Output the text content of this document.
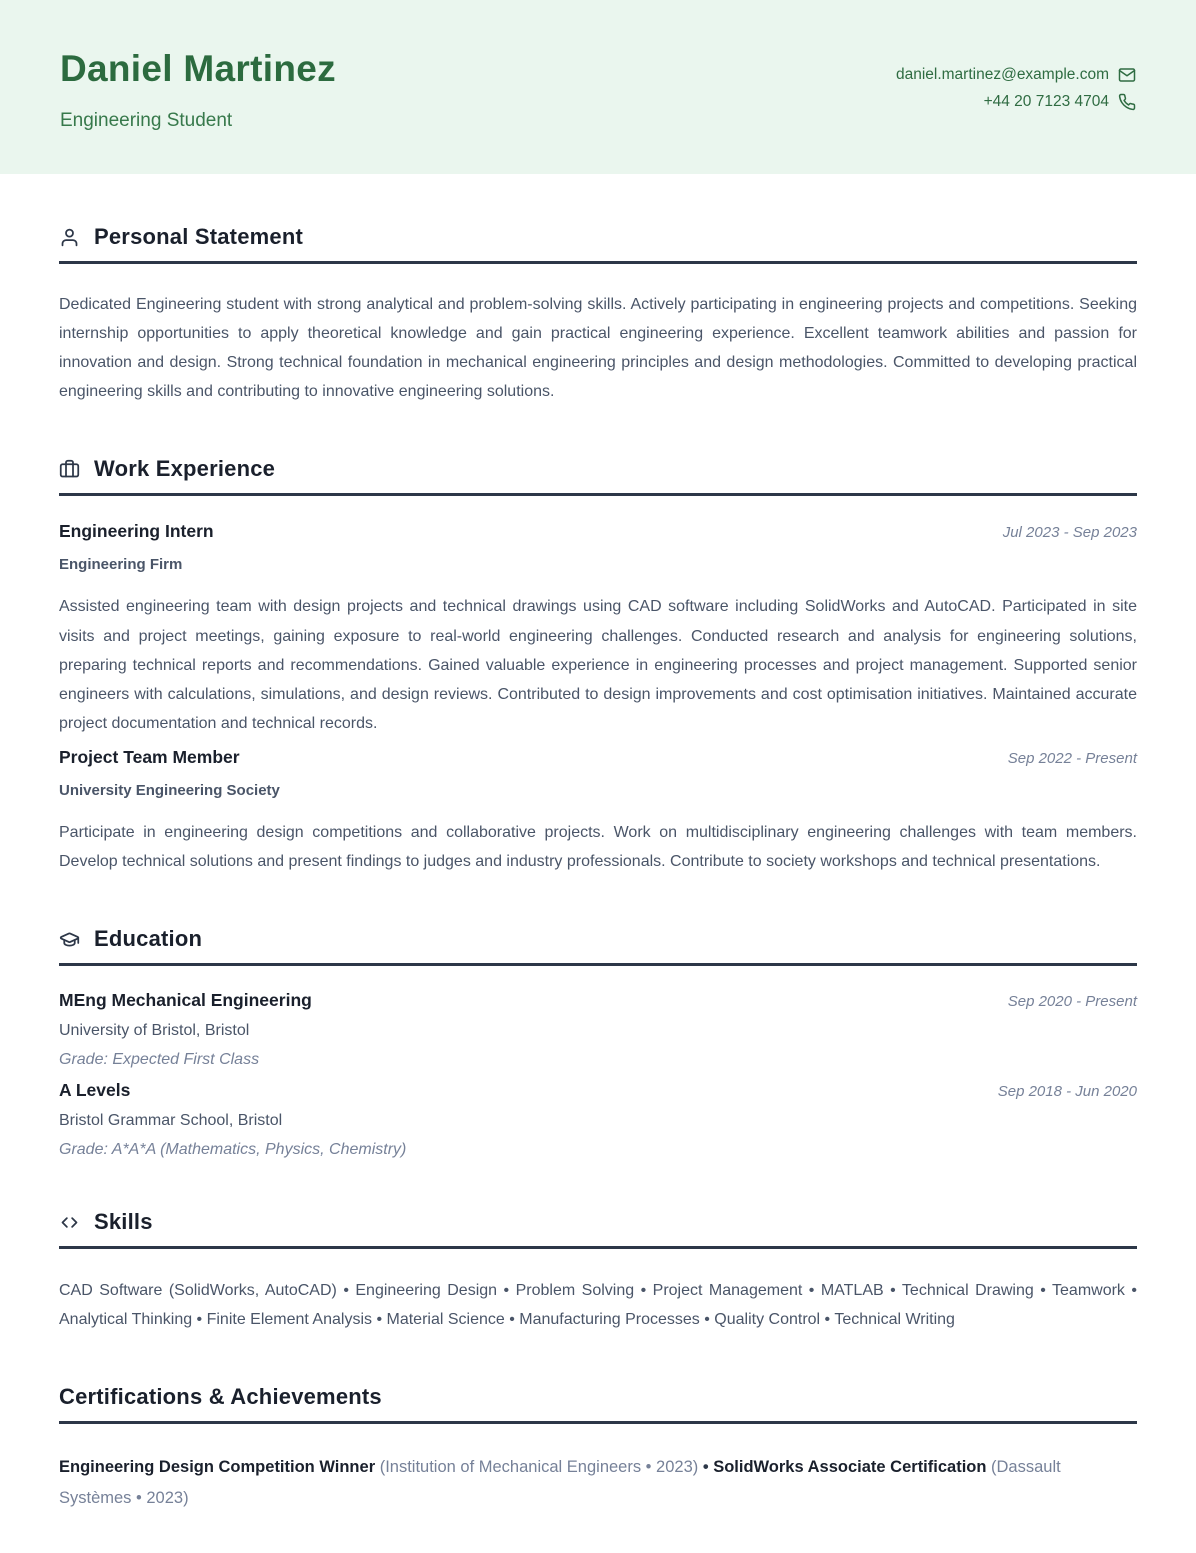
Daniel Martinez
Engineering Student
daniel.martinez@example.com
+44 20 7123 4704
Personal Statement

Dedicated Engineering student with strong analytical and problem-solving skills. Actively participating in engineering projects and competitions. Seeking internship opportunities to apply theoretical knowledge and gain practical engineering experience. Excellent teamwork abilities and passion for innovation and design. Strong technical foundation in mechanical engineering principles and design methodologies. Committed to developing practical engineering skills and contributing to innovative engineering solutions.

Work Experience
Engineering Intern	Jul 2023 - Sep 2023
Engineering Firm

Assisted engineering team with design projects and technical drawings using CAD software including SolidWorks and AutoCAD. Participated in site visits and project meetings, gaining exposure to real-world engineering challenges. Conducted research and analysis for engineering solutions, preparing technical reports and recommendations. Gained valuable experience in engineering processes and project management. Supported senior engineers with calculations, simulations, and design reviews. Contributed to design improvements and cost optimisation initiatives. Maintained accurate project documentation and technical records.

Project Team Member	Sep 2022 - Present
University Engineering Society

Participate in engineering design competitions and collaborative projects. Work on multidisciplinary engineering challenges with team members. Develop technical solutions and present findings to judges and industry professionals. Contribute to society workshops and technical presentations.

Education
MEng Mechanical Engineering	Sep 2020 - Present
University of Bristol, Bristol
Grade: Expected First Class
A Levels	Sep 2018 - Jun 2020
Bristol Grammar School, Bristol
Grade: A*A*A (Mathematics, Physics, Chemistry)
Skills

CAD Software (SolidWorks, AutoCAD) • Engineering Design • Problem Solving • Project Management • MATLAB • Technical Drawing • Teamwork • Analytical Thinking • Finite Element Analysis • Material Science • Manufacturing Processes • Quality Control • Technical Writing

Certifications & Achievements

Engineering Design Competition Winner (Institution of Mechanical Engineers • 2023) • SolidWorks Associate Certification (Dassault Systèmes • 2023)
